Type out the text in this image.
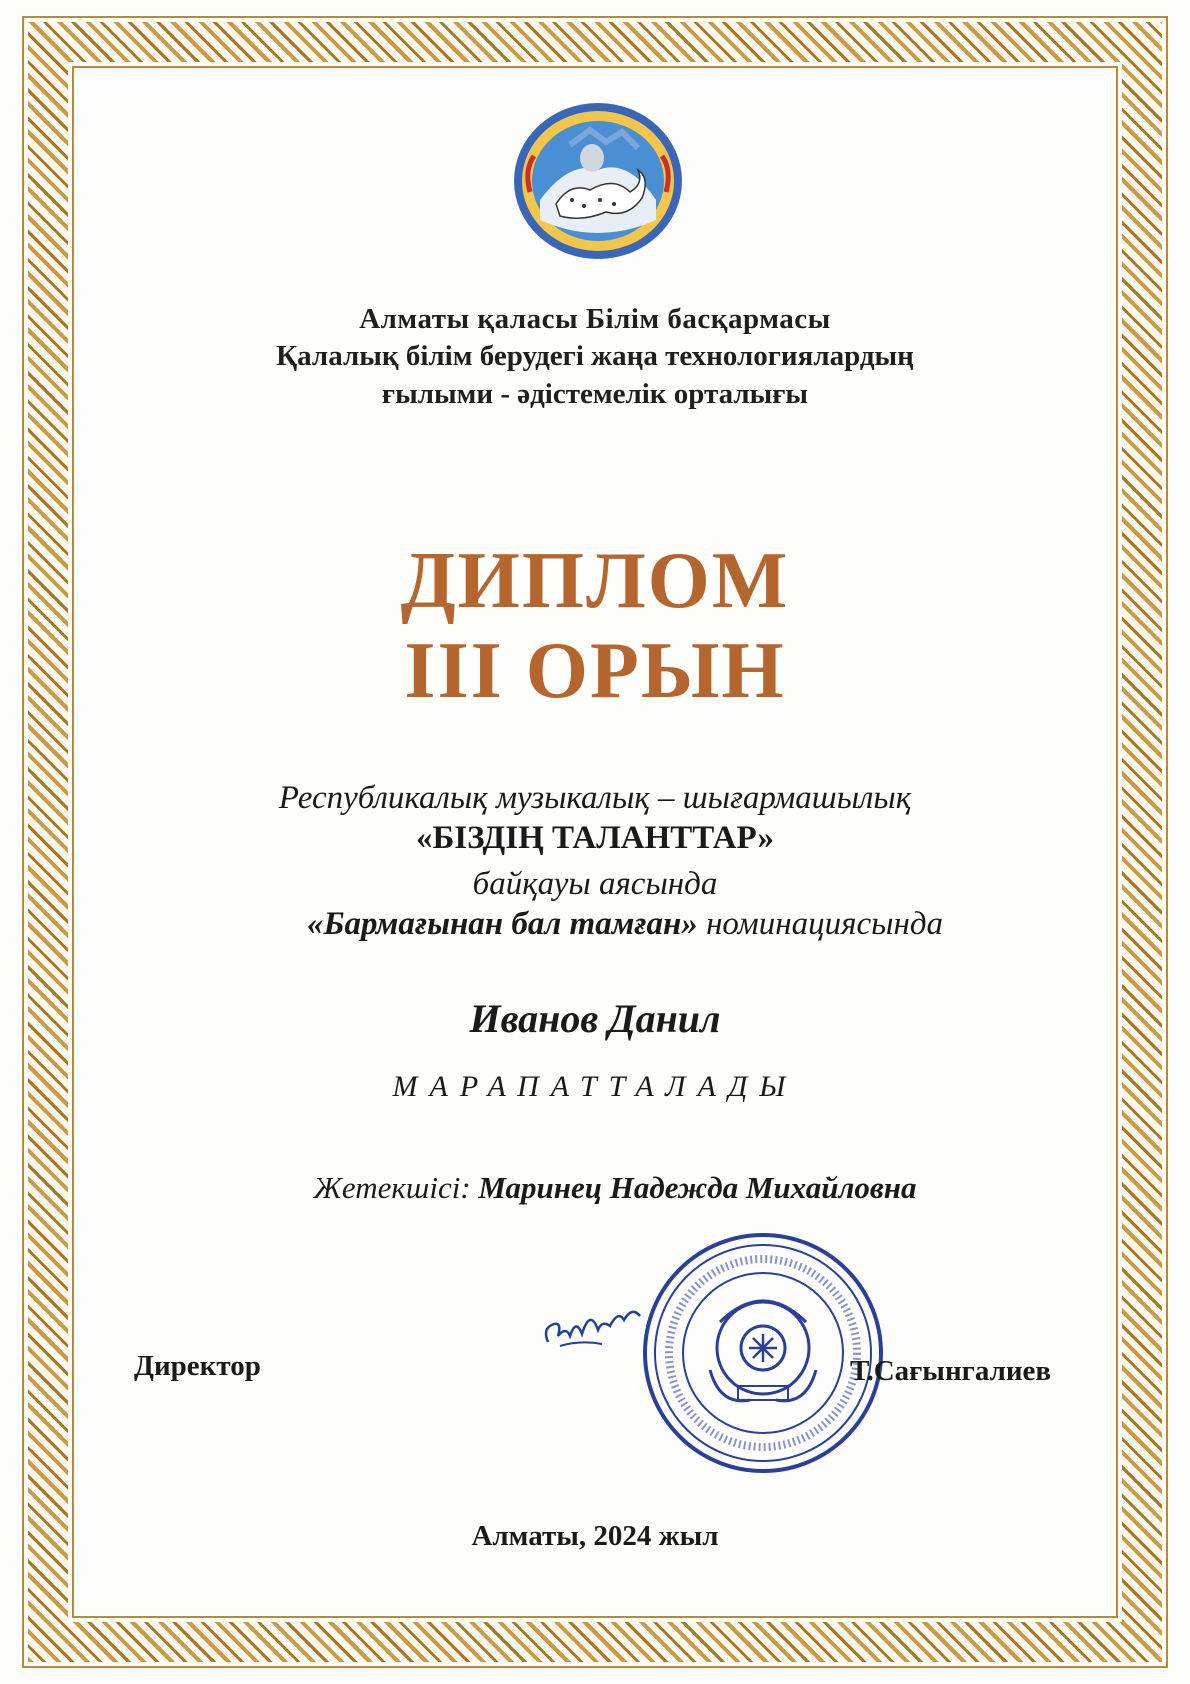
Алматы қаласы Білім басқармасы
Қалалық білім берудегі жаңа технологиялардың
ғылыми - әдістемелік орталығы
ДИПЛОМ
III ОРЫН
Республикалық музыкалық – шығармашылық
«БІЗДІҢ ТАЛАНТТАР»
байқауы аясында
«Бармағынан бал тамған» номинациясында
Иванов Данил
МАРАПАТТАЛАДЫ
Жетекшісі: Маринец Надежда Михайловна
Директор	Т.Сағынгалиев
Алматы, 2024 жыл
